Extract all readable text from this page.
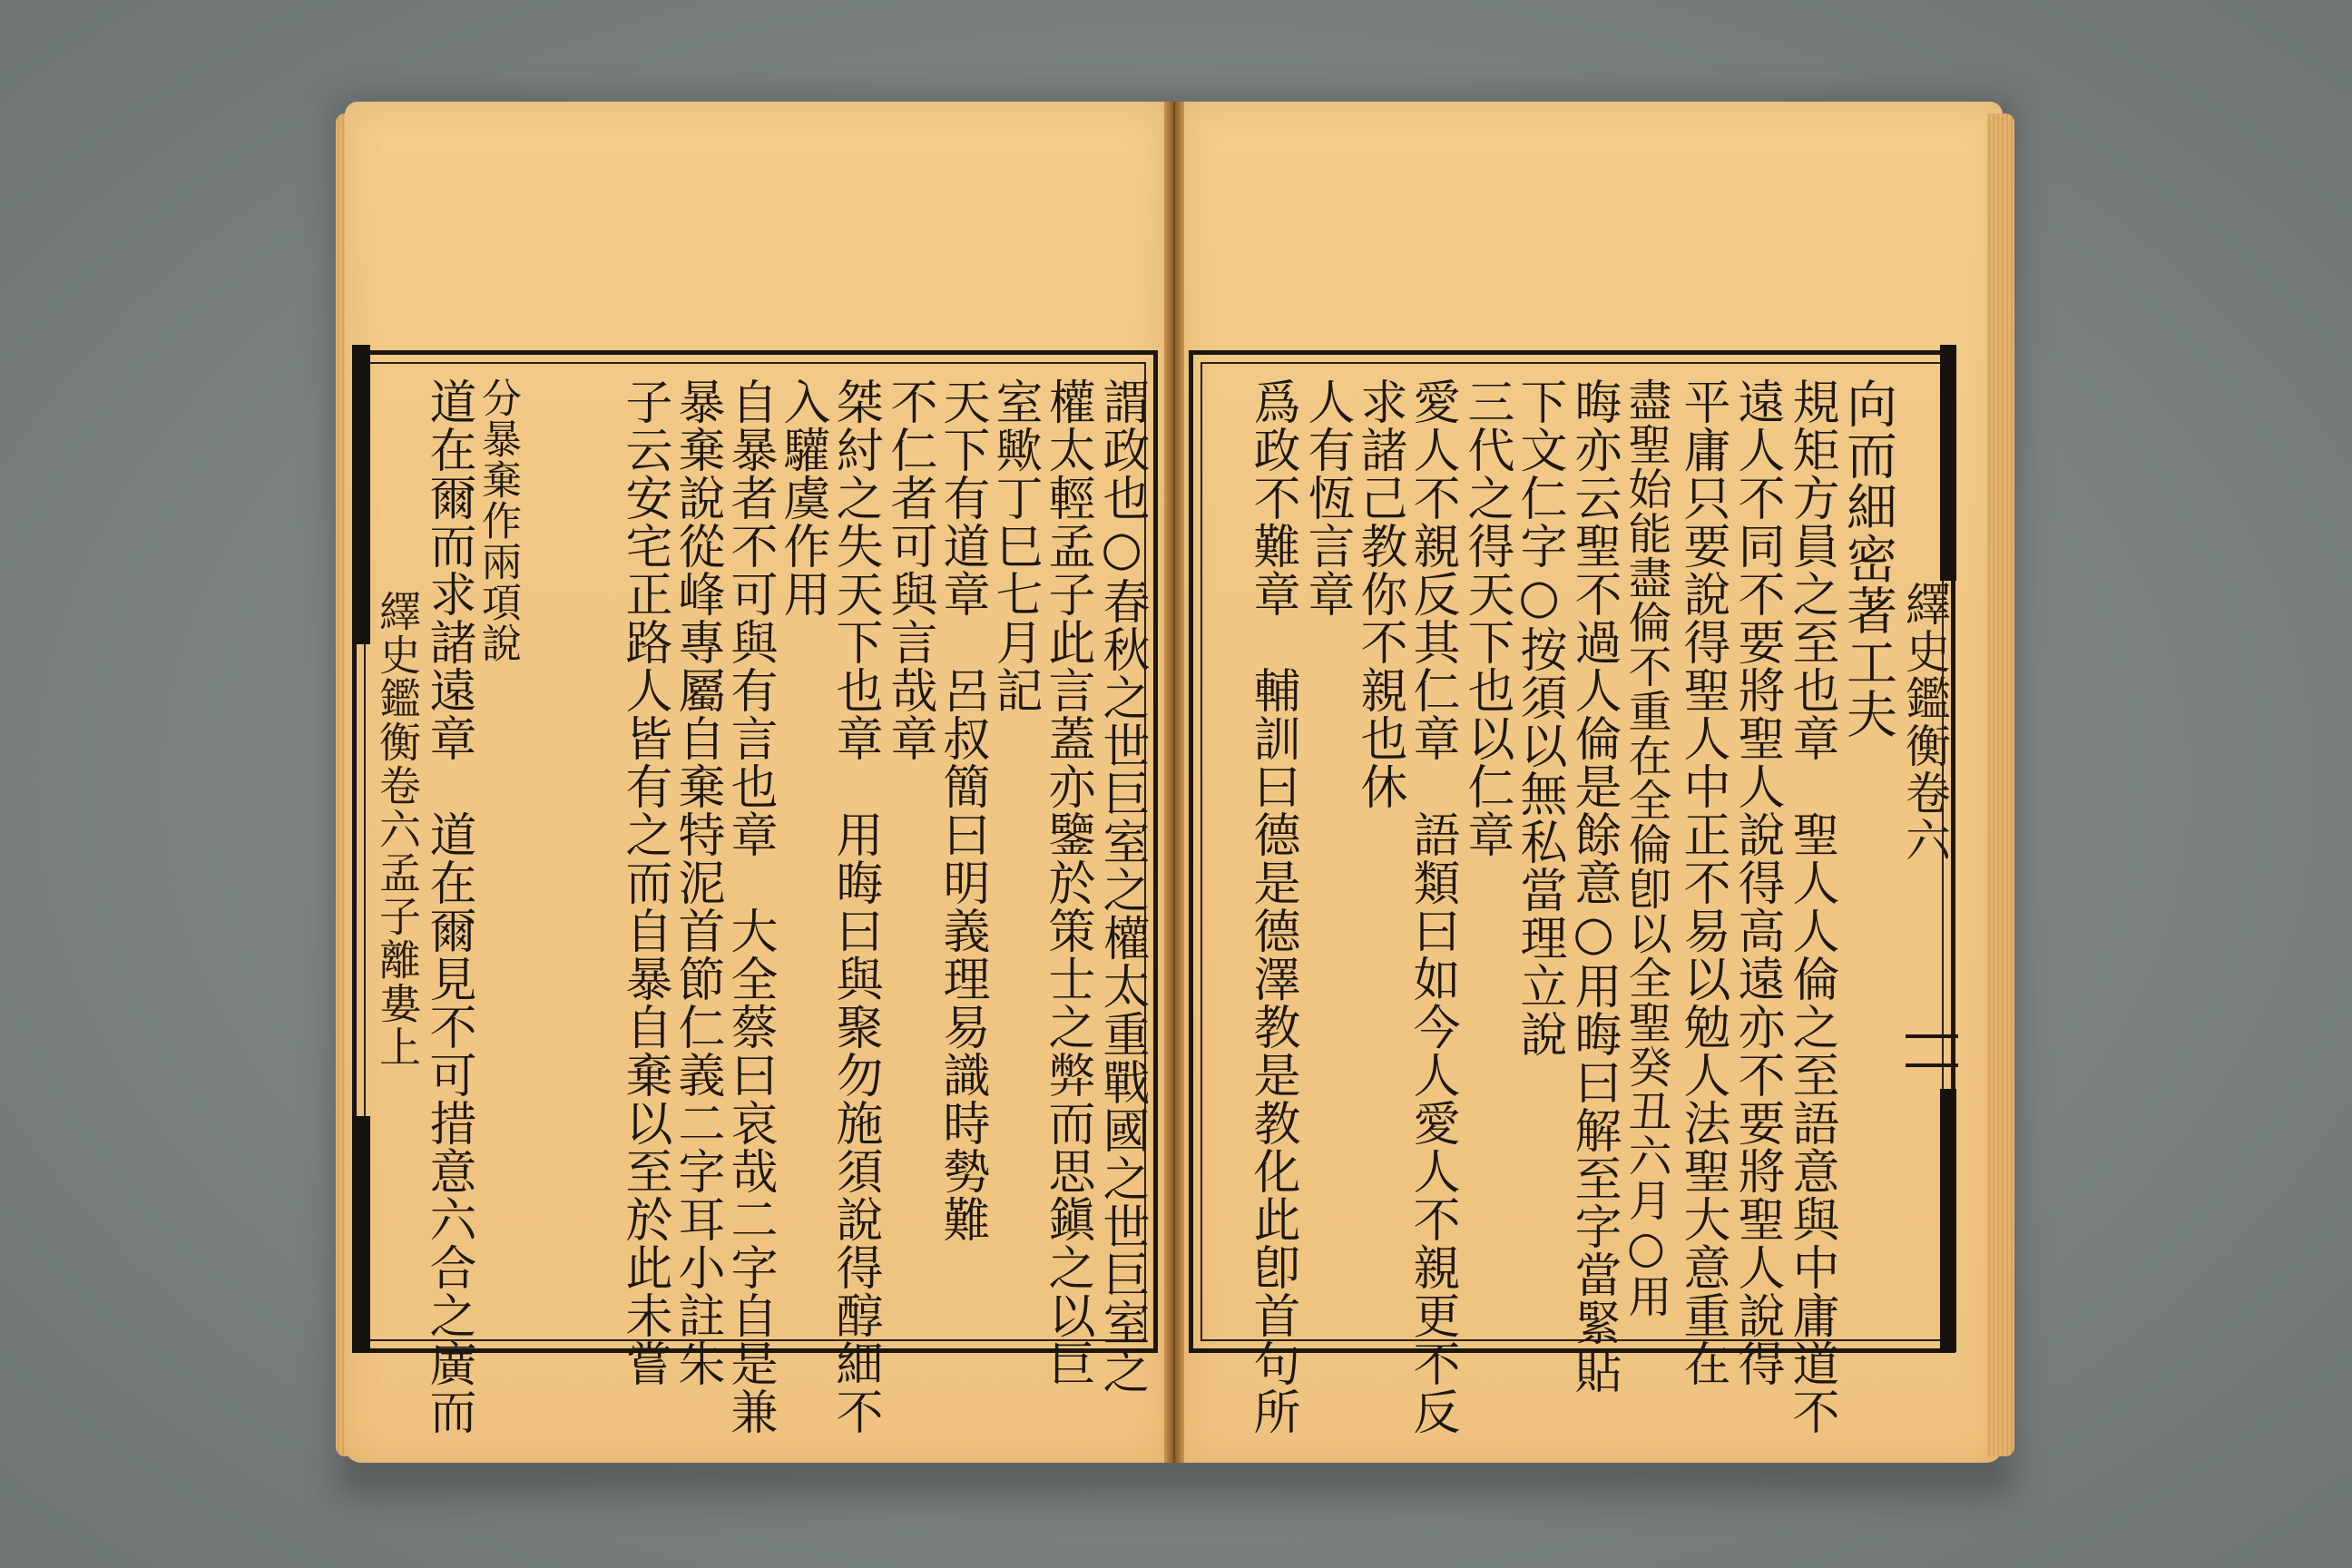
繹史鑑衡卷六
向而細密著工夫
規矩方員之至也章　聖人人倫之至語意與中庸道不
遠人不同不要將聖人說得高遠亦不要將聖人說得
平庸只要說得聖人中正不易以勉人法聖大意重在
盡聖始能盡倫不重在全倫卽以全聖癸丑六月○用
晦亦云聖不過人倫是餘意○用晦曰解至字當緊貼
下文仁字○按須以無私當理立說
三代之得天下也以仁章
愛人不親反其仁章　語類曰如今人愛人不親更不反
求諸己教你不親也休
人有恆言章
爲政不難章　輔訓曰德是德澤教是教化此卽首句所
繹史鑑衡卷六孟子離婁上	謂政也○春秋之世巨室之權太重戰國之世巨室之
權太輕孟子此言蓋亦鑒於策士之弊而思鎭之以巨
室歟丁巳七月記
天下有道章　呂叔簡曰明義理易識時勢難
不仁者可與言哉章
桀紂之失天下也章　用晦曰與聚勿施須說得醇細不
入驩虞作用
自暴者不可與有言也章　大全蔡曰哀哉二字自是兼
暴棄說從峰專屬自棄特泥首節仁義二字耳小註朱
子云安宅正路人皆有之而自暴自棄以至於此未嘗
分暴棄作兩項說
道在爾而求諸遠章　道在爾見不可措意六合之廣而
